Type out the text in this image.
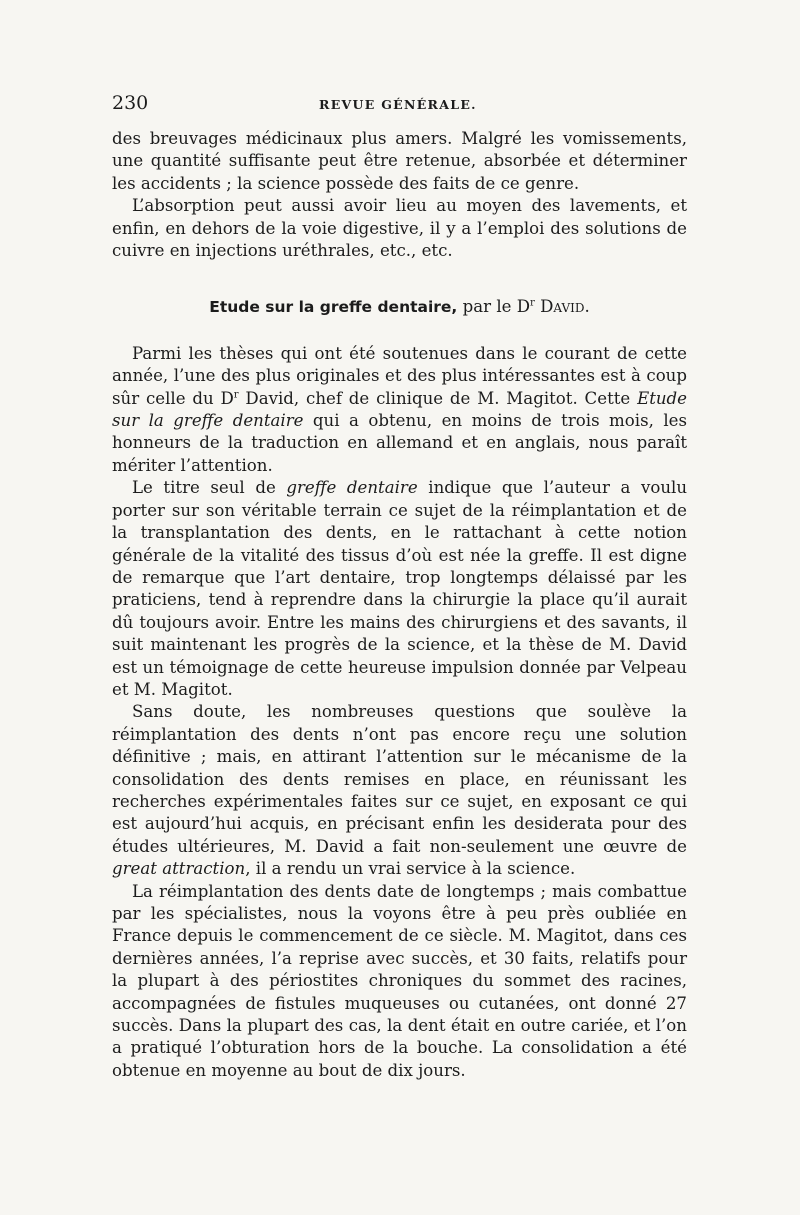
230	REVUE GÉNÉRALE.

des breuvages médicinaux plus amers. Malgré les vomissements, une quantité suffisante peut être retenue, absorbée et déterminer les accidents ; la science possède des faits de ce genre.

L’absorption peut aussi avoir lieu au moyen des lavements, et enfin, en dehors de la voie digestive, il y a l’emploi des solutions de cuivre en injections uréthrales, etc., etc.

Etude sur la greffe dentaire, par le $D^r$ David.

Parmi les thèses qui ont été soutenues dans le courant de cette année, l’une des plus originales et des plus intéressantes est à coup sûr celle du $D^r$ David, chef de clinique de M. Magitot. Cette Etude sur la greffe dentaire qui a obtenu, en moins de trois mois, les honneurs de la traduction en allemand et en anglais, nous paraît mériter l’attention.

Le titre seul de greffe dentaire indique que l’auteur a voulu porter sur son véritable terrain ce sujet de la réimplantation et de la transplantation des dents, en le rattachant à cette notion générale de la vitalité des tissus d’où est née la greffe. Il est digne de remarque que l’art dentaire, trop longtemps délaissé par les praticiens, tend à reprendre dans la chirurgie la place qu’il aurait dû toujours avoir. Entre les mains des chirurgiens et des savants, il suit maintenant les progrès de la science, et la thèse de M. David est un témoignage de cette heureuse impulsion donnée par Velpeau et M. Magitot.

Sans doute, les nombreuses questions que soulève la réimplantation des dents n’ont pas encore reçu une solution définitive ; mais, en attirant l’attention sur le mécanisme de la consolidation des dents remises en place, en réunissant les recherches expérimentales faites sur ce sujet, en exposant ce qui est aujourd’hui acquis, en précisant enfin les desiderata pour des études ultérieures, M. David a fait non-seulement une œuvre de great attraction, il a rendu un vrai service à la science.

La réimplantation des dents date de longtemps ; mais combattue par les spécialistes, nous la voyons être à peu près oubliée en France depuis le commencement de ce siècle. M. Magitot, dans ces dernières années, l’a reprise avec succès, et 30 faits, relatifs pour la plupart à des périostites chroniques du sommet des racines, accompagnées de fistules muqueuses ou cutanées, ont donné 27 succès. Dans la plupart des cas, la dent était en outre cariée, et l’on a pratiqué l’obturation hors de la bouche. La consolidation a été obtenue en moyenne au bout de dix jours.
